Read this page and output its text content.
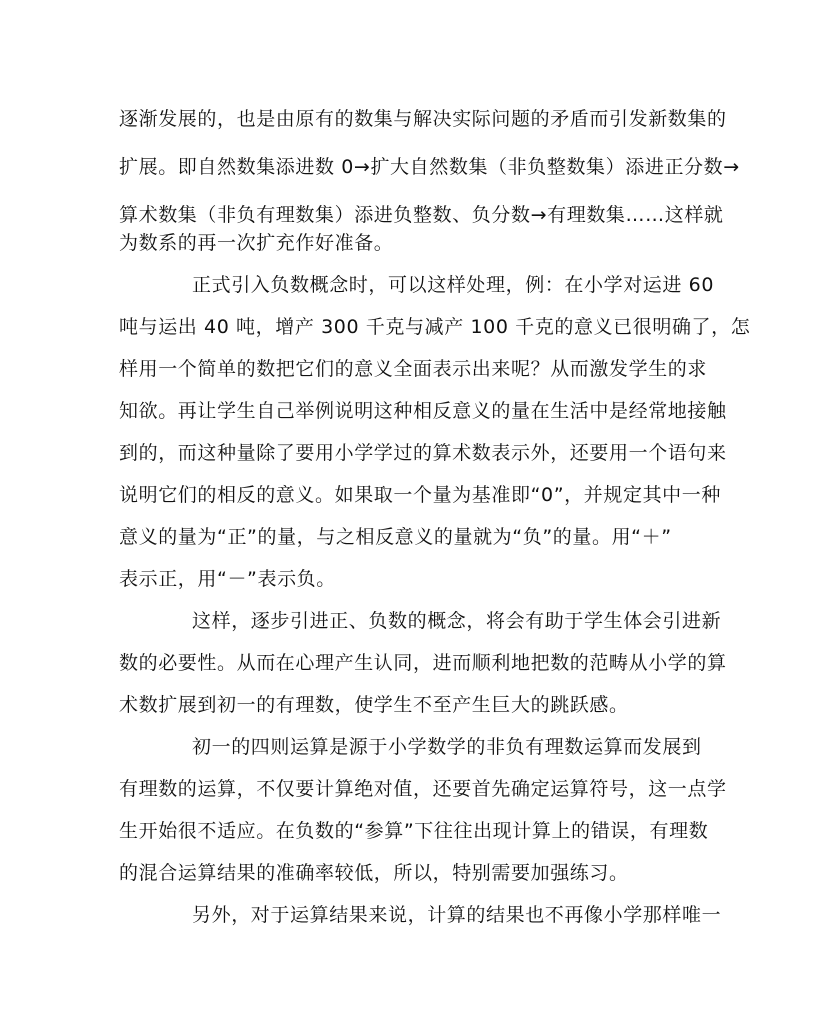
逐渐发展的，也是由原有的数集与解决实际问题的矛盾而引发新数集的
扩展。即自然数集添进数 0→扩大自然数集（非负整数集）添进正分数→
算术数集（非负有理数集）添进负整数、负分数→有理数集……这样就
为数系的再一次扩充作好准备。
正式引入负数概念时，可以这样处理，例：在小学对运进 60
吨与运出 40 吨，增产 300 千克与减产 100 千克的意义已很明确了，怎
样用一个简单的数把它们的意义全面表示出来呢？从而激发学生的求
知欲。再让学生自己举例说明这种相反意义的量在生活中是经常地接触
到的，而这种量除了要用小学学过的算术数表示外，还要用一个语句来
说明它们的相反的意义。如果取一个量为基准即“0”，并规定其中一种
意义的量为“正”的量，与之相反意义的量就为“负”的量。用“＋”
表示正，用“－”表示负。
这样，逐步引进正、负数的概念，将会有助于学生体会引进新
数的必要性。从而在心理产生认同，进而顺利地把数的范畴从小学的算
术数扩展到初一的有理数，使学生不至产生巨大的跳跃感。
初一的四则运算是源于小学数学的非负有理数运算而发展到
有理数的运算，不仅要计算绝对值，还要首先确定运算符号，这一点学
生开始很不适应。在负数的“参算”下往往出现计算上的错误，有理数
的混合运算结果的准确率较低，所以，特别需要加强练习。
另外，对于运算结果来说，计算的结果也不再像小学那样唯一
